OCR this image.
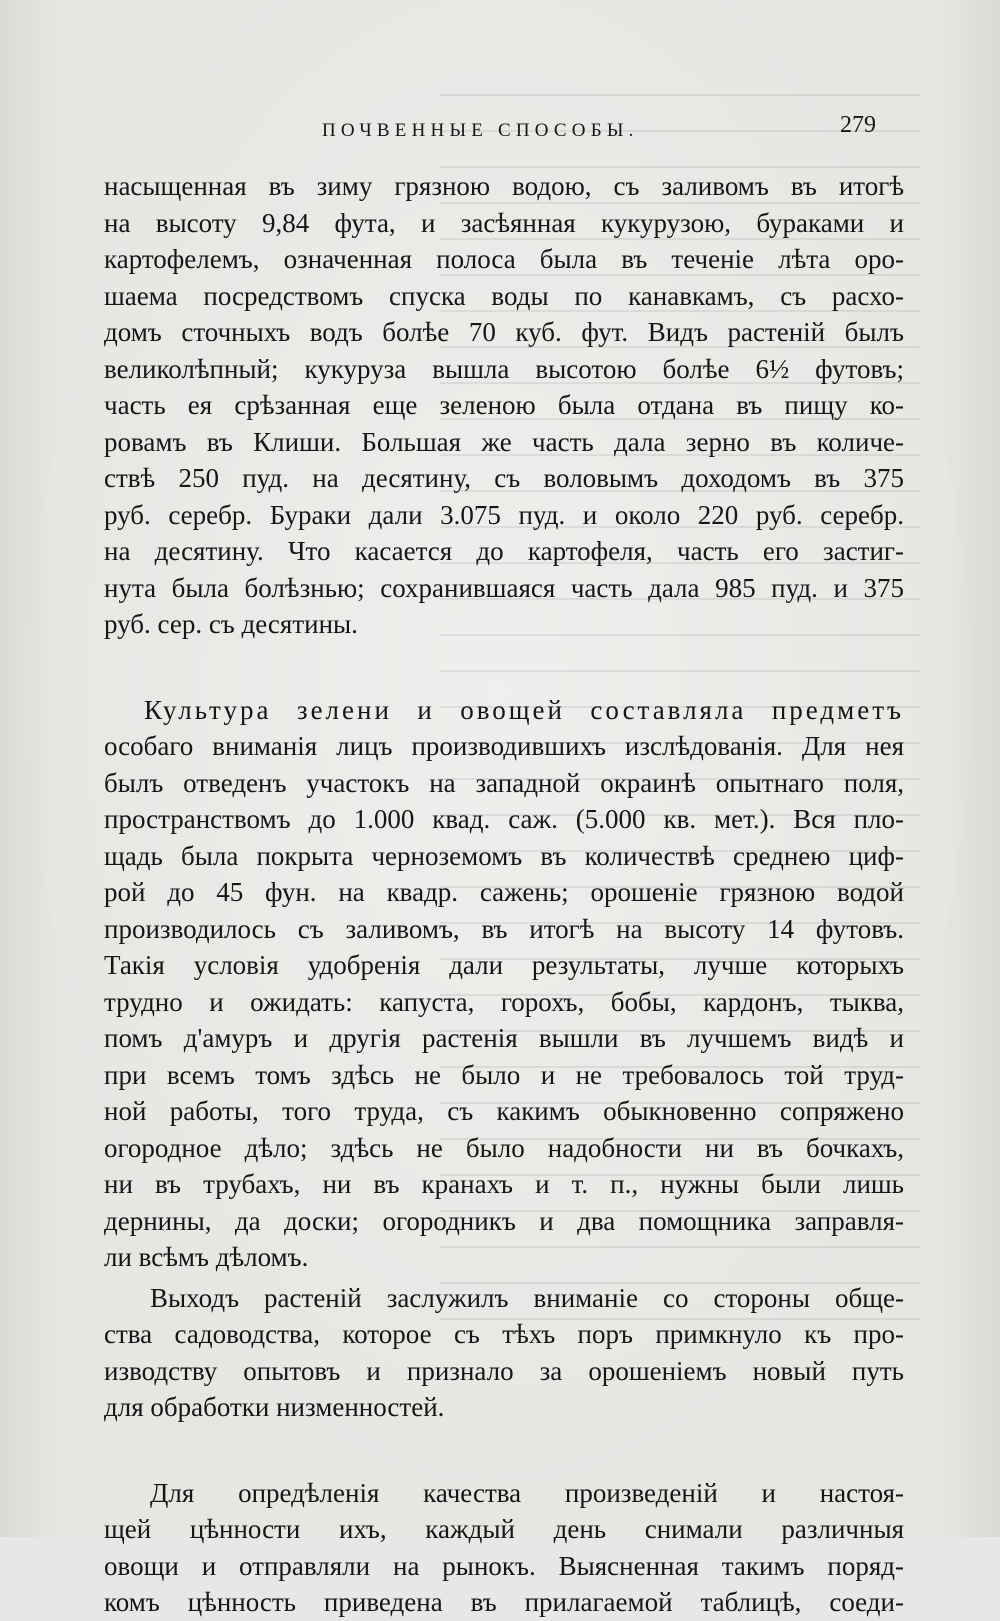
ПОЧВЕННЫЕ СПОСОБЫ.	279
насыщенная въ зиму грязною водою, съ заливомъ въ итогѣ
на высоту 9,84 фута, и засѣянная кукурузою, бураками и
картофелемъ, означенная полоса была въ теченіе лѣта оро-
шаема посредствомъ спуска воды по канавкамъ, съ расхо-
домъ сточныхъ водъ болѣе 70 куб. фут. Видъ растеній былъ
великолѣпный; кукуруза вышла высотою болѣе 6½ футовъ;
часть ея срѣзанная еще зеленою была отдана въ пищу ко-
ровамъ въ Клиши. Большая же часть дала зерно въ количе-
ствѣ 250 пуд. на десятину, съ воловымъ доходомъ въ 375
руб. серебр. Бураки дали 3.075 пуд. и около 220 руб. серебр.
на десятину. Что касается до картофеля, часть его застиг-
нута была болѣзнью; сохранившаяся часть дала 985 пуд. и 375
руб. сер. съ десятины.
Культура зелени и овощей составляла предметъ
особаго вниманія лицъ производившихъ изслѣдованія. Для нея
былъ отведенъ участокъ на западной окраинѣ опытнаго поля,
пространствомъ до 1.000 квад. саж. (5.000 кв. мет.). Вся пло-
щадь была покрыта черноземомъ въ количествѣ среднею циф-
рой до 45 фун. на квадр. сажень; орошеніе грязною водой
производилось съ заливомъ, въ итогѣ на высоту 14 футовъ.
Такія условія удобренія дали результаты, лучше которыхъ
трудно и ожидать: капуста, горохъ, бобы, кардонъ, тыква,
помъ д'амуръ и другія растенія вышли въ лучшемъ видѣ и
при всемъ томъ здѣсь не было и не требовалось той труд-
ной работы, того труда, съ какимъ обыкновенно сопряжено
огородное дѣло; здѣсь не было надобности ни въ бочкахъ,
ни въ трубахъ, ни въ кранахъ и т. п., нужны были лишь
дернины, да доски; огородникъ и два помощника заправля-
ли всѣмъ дѣломъ.
Выходъ растеній заслужилъ вниманіе со стороны обще-
ства садоводства, которое съ тѣхъ поръ примкнуло къ про-
изводству опытовъ и признало за орошеніемъ новый путь
для обработки низменностей.
Для опредѣленія качества произведеній и настоя-
щей цѣнности ихъ, каждый день снимали различныя
овощи и отправляли на рынокъ. Выясненная такимъ поряд-
комъ цѣнность приведена въ прилагаемой таблицѣ, соеди-
